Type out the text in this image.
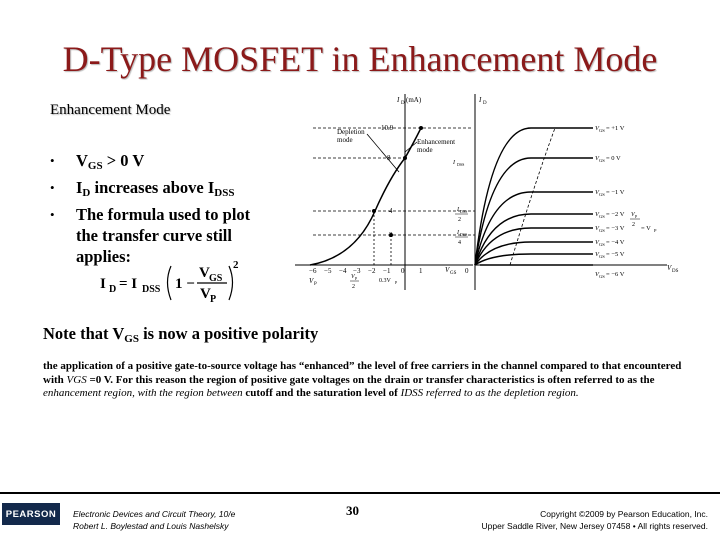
D-Type MOSFET in Enhancement Mode
Enhancement Mode
• $V_{GS} > 0$ V
• $I_D$ increases above $I_{DSS}$
• The formula used to plot the transfer curve still applies:
I D = I DSS 1 −
V GS
V P
2
I D (mA)
10.9
8
4
2
−6 −5 −4 −3 −2 −1 0 1	V GS
V P
V P
2
0.3V P
Depletion
mode	Enhancement
mode
I D
0	V DS
I DSS
I DSS
2
I DSS
4
V GS = +1 V
V GS = 0 V
V GS = −1 V
V GS = −2 V
V GS = −3 V
V GS = −4 V
V GS = −5 V
V GS = −6 V
V P
2 = V P
Note that $V_{GS}$ is now a positive polarity
the application of a positive gate-to-source voltage has “enhanced” the level of free carriers in the channel compared to that encountered with VGS =0 V. For this reason the region of positive gate voltages on the drain or transfer characteristics is often referred to as the enhancement region, with the region between cutoff and the saturation level of IDSS referred to as the depletion region.
PEARSON	Electronic Devices and Circuit Theory, 10/e
Robert L. Boylestad and Louis Nashelsky
30	Copyright ©2009 by Pearson Education, Inc.
Upper Saddle River, New Jersey 07458 • All rights reserved.
